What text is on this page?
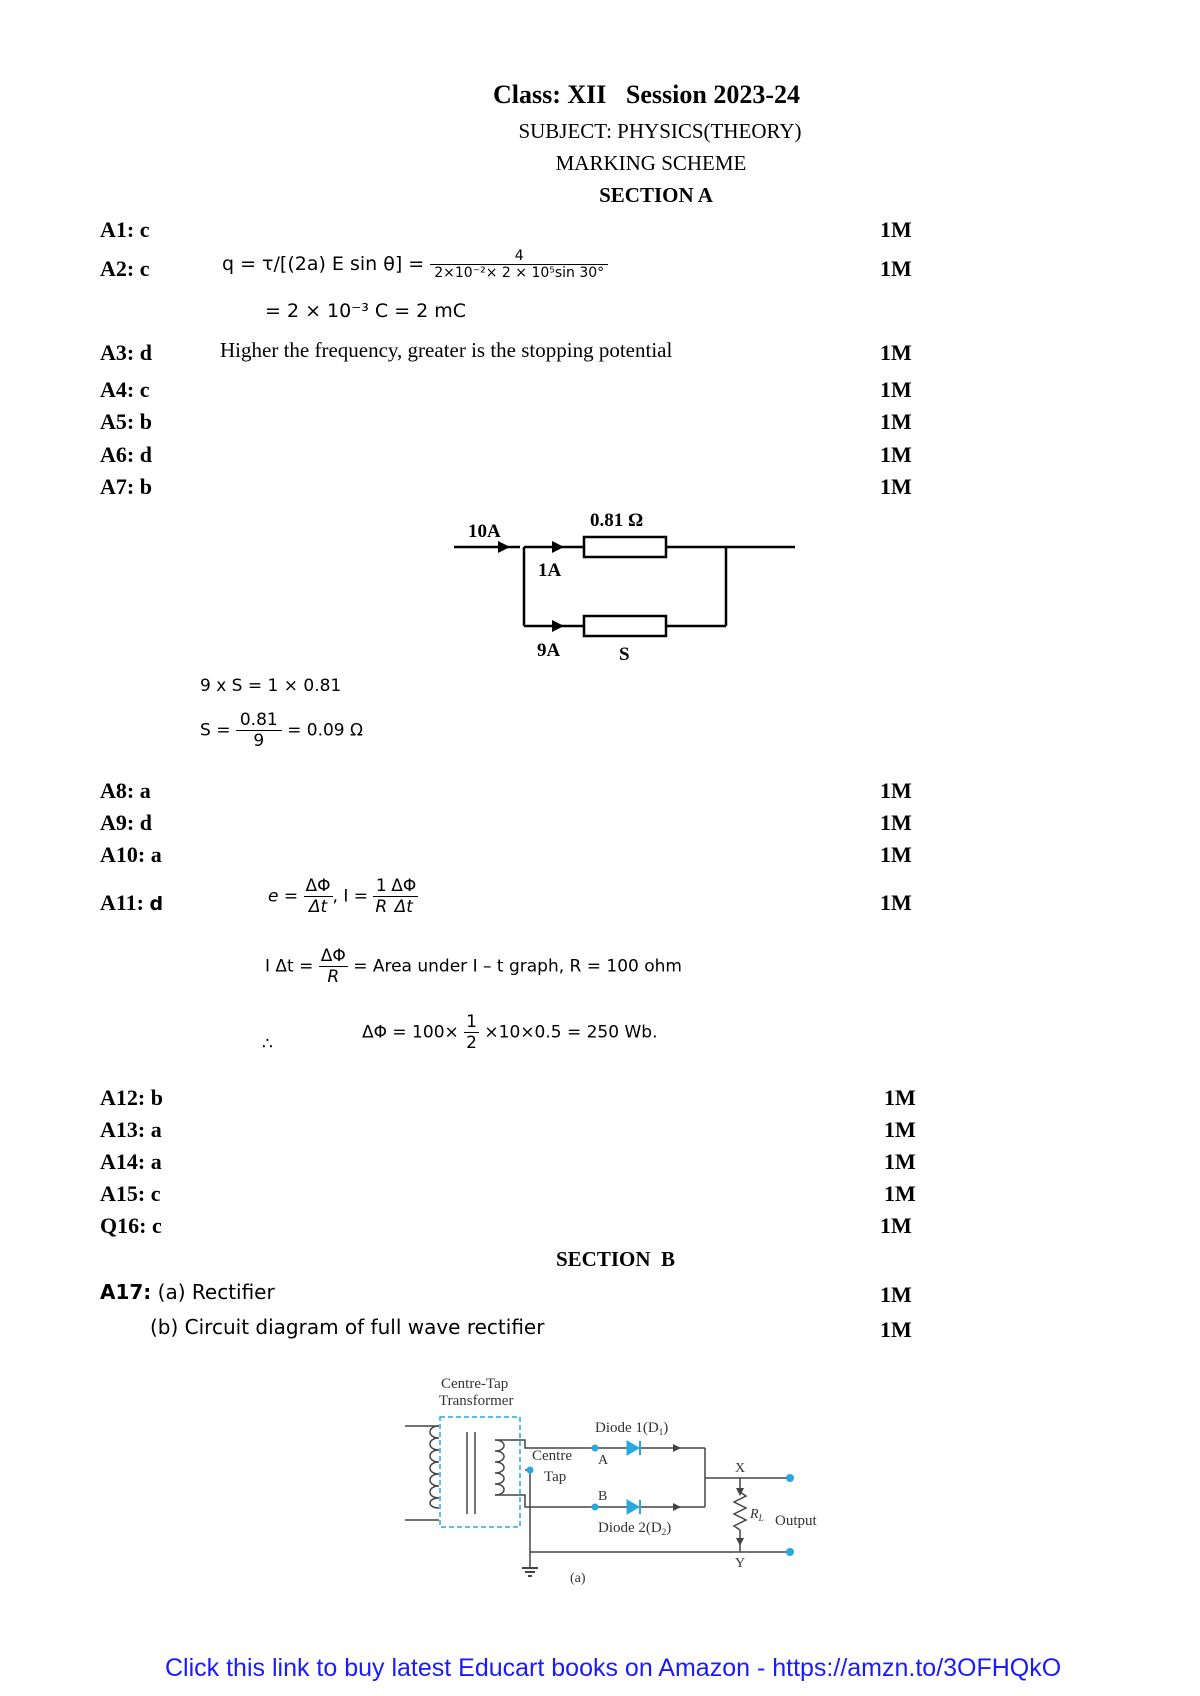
Class: XII   Session 2023-24
SUBJECT: PHYSICS(THEORY)
MARKING SCHEME
SECTION A
A1: c
A2: c
A3: d
A4: c
A5: b
A6: d
A7: b
1M
1M
1M
1M
1M
1M
1M
q = τ/[(2a) E $\sin \theta] = \frac{4}{\text{2×10⁻²× 2 × 10⁵sin 30°}}$
= 2 × 10⁻³ C = 2 mC
Higher the frequency, greater is the stopping potential
10A
0.81 Ω
1A
9A	S
9 x S = 1 × 0.81
$S = \frac{0.81}{9} = 0.09$ Ω
A8: a
A9: d
A10: a
1M
1M
1M
A11: d	1M
$e = \frac{\Delta\Phi}{\Delta t}$ , $I = \frac{1}{R} \frac{\Delta\Phi}{\Delta t}$
I $\Delta t = \frac{\Delta\Phi}{R}$ = Area under I – t graph, R = 100 ohm
∴
$\Delta\Phi = 100\times \frac{1}{2} \times 10\times 0.5 = 250$ Wb.
A12: b
A13: a
A14: a
A15: c
Q16: c
1M
1M
1M
1M
1M
SECTION  B
A17: (a) Rectifier
(b) Circuit diagram of full wave rectifier
1M
1M
Centre-Tap
Transformer
Diode $1(D_1)$
Diode $2(D_2)$
Centre
Tap
A
B
X
Y
$R_L$ Output
(a)
Click this link to buy latest Educart books on Amazon - https://amzn.to/3OFHQkO
